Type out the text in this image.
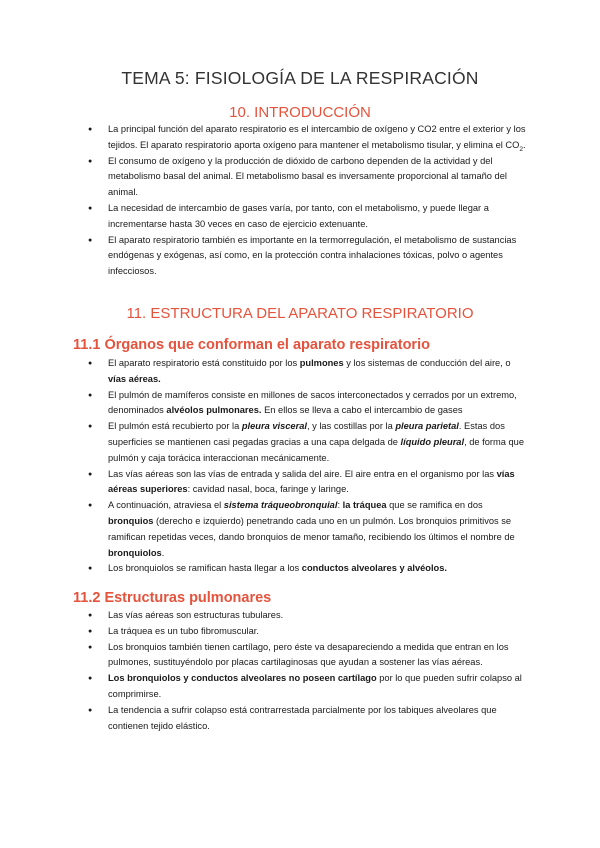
TEMA 5: FISIOLOGÍA DE LA RESPIRACIÓN
10. INTRODUCCIÓN
● La principal función del aparato respiratorio es el intercambio de oxígeno y CO2 entre el exterior y los tejidos. El aparato respiratorio aporta oxígeno para mantener el metabolismo tisular, y elimina el $CO_2$.
● El consumo de oxígeno y la producción de dióxido de carbono dependen de la actividad y del metabolismo basal del animal. El metabolismo basal es inversamente proporcional al tamaño del animal.
● La necesidad de intercambio de gases varía, por tanto, con el metabolismo, y puede llegar a incrementarse hasta 30 veces en caso de ejercicio extenuante.
● El aparato respiratorio también es importante en la termorregulación, el metabolismo de sustancias endógenas y exógenas, así como, en la protección contra inhalaciones tóxicas, polvo o agentes infecciosos.
11. ESTRUCTURA DEL APARATO RESPIRATORIO
11.1 Órganos que conforman el aparato respiratorio
● El aparato respiratorio está constituido por los pulmones y los sistemas de conducción del aire, o vías aéreas.
● El pulmón de mamíferos consiste en millones de sacos interconectados y cerrados por un extremo, denominados alvéolos pulmonares. En ellos se lleva a cabo el intercambio de gases
● El pulmón está recubierto por la pleura visceral, y las costillas por la pleura parietal. Estas dos superficies se mantienen casi pegadas gracias a una capa delgada de líquido pleural, de forma que pulmón y caja torácica interaccionan mecánicamente.
● Las vías aéreas son las vías de entrada y salida del aire. El aire entra en el organismo por las vías aéreas superiores: cavidad nasal, boca, faringe y laringe.
● A continuación, atraviesa el sistema tráqueobronquial: la tráquea que se ramifica en dos bronquios (derecho e izquierdo) penetrando cada uno en un pulmón. Los bronquios primitivos se ramifican repetidas veces, dando bronquios de menor tamaño, recibiendo los últimos el nombre de bronquiolos.
● Los bronquiolos se ramifican hasta llegar a los conductos alveolares y alvéolos.
11.2 Estructuras pulmonares
● Las vías aéreas son estructuras tubulares.
● La tráquea es un tubo fibromuscular.
● Los bronquios también tienen cartílago, pero éste va desapareciendo a medida que entran en los pulmones, sustituyéndolo por placas cartilaginosas que ayudan a sostener las vías aéreas.
● Los bronquiolos y conductos alveolares no poseen cartílago por lo que pueden sufrir colapso al comprimirse.
● La tendencia a sufrir colapso está contrarrestada parcialmente por los tabiques alveolares que contienen tejido elástico.
